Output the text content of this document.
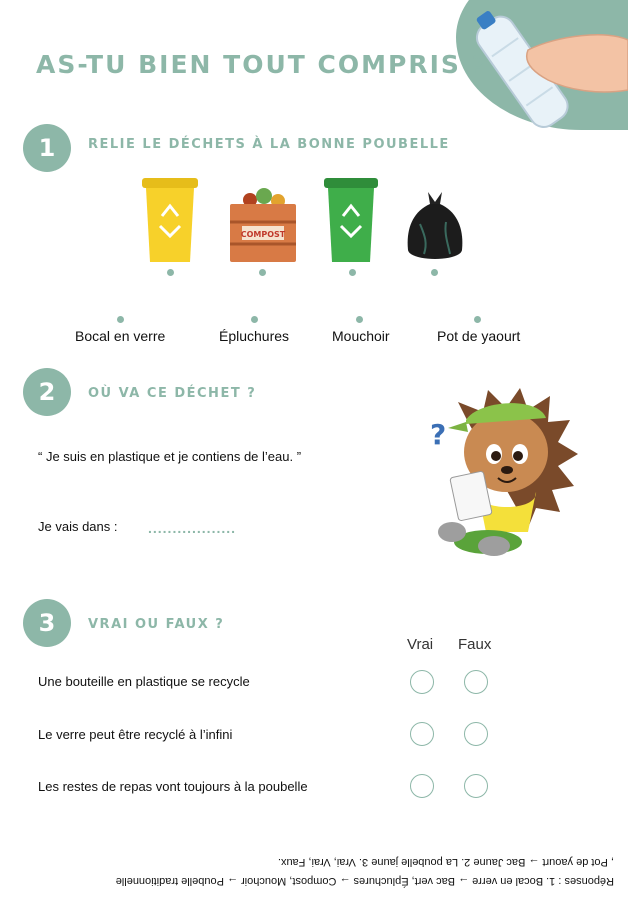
AS-TU BIEN TOUT COMPRIS ?
1	RELIE LE DÉCHETS À LA BONNE POUBELLE
COMPOST
Bocal en verre	Épluchures	Mouchoir	Pot de yaourt
2	OÙ VA CE DÉCHET ?
“ Je suis en plastique et je contiens de l’eau. ”
Je vais dans : ..................
?
3	VRAI OU FAUX ?
Vrai Faux
Une bouteille en plastique se recycle
Le verre peut être recyclé à l’infini
Les restes de repas vont toujours à la poubelle
Réponses : 1. Bocal en verre → Bac vert, Épluchures → Compost, Mouchoir → Poubelle traditionnelle
, Pot de yaourt → Bac Jaune 2. La poubelle jaune 3. Vrai, Vrai, Faux.
